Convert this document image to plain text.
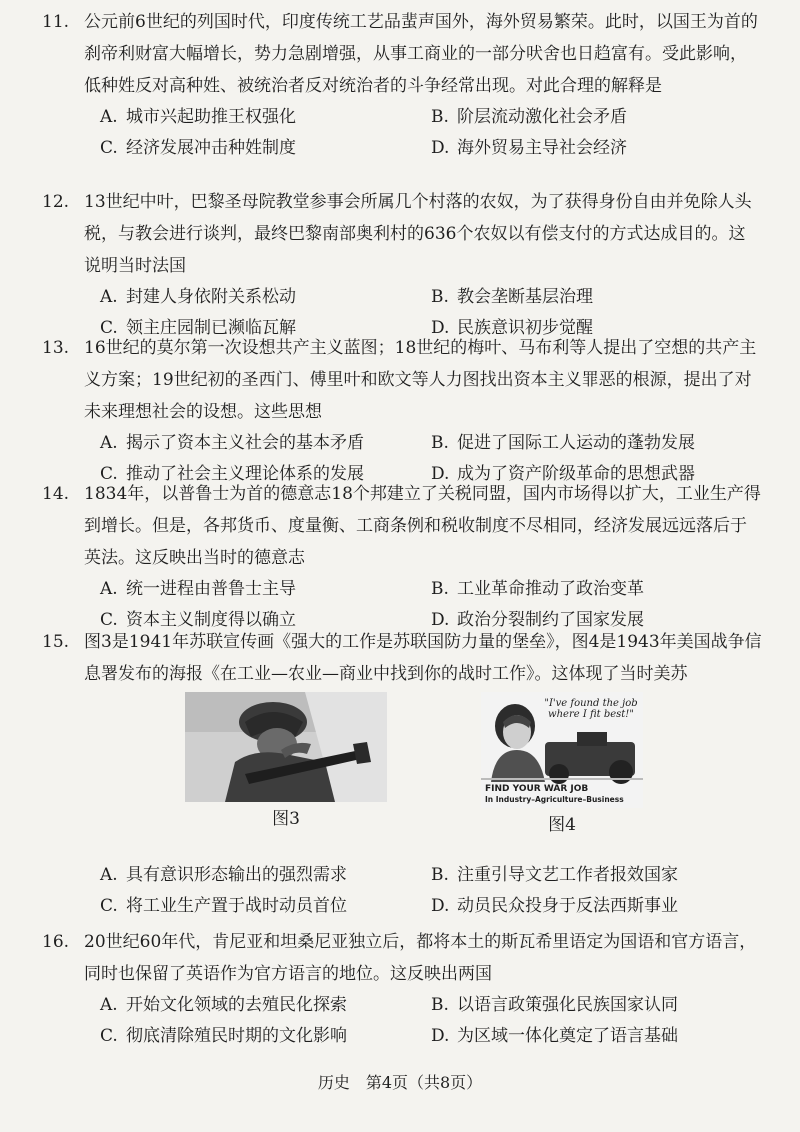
11. 公元前6世纪的列国时代，印度传统工艺品蜚声国外，海外贸易繁荣。此时，以国王为首的刹帝利财富大幅增长，势力急剧增强，从事工商业的一部分吠舍也日趋富有。受此影响，低种姓反对高种姓、被统治者反对统治者的斗争经常出现。对此合理的解释是
A. 城市兴起助推王权强化	B. 阶层流动激化社会矛盾
C. 经济发展冲击种姓制度	D. 海外贸易主导社会经济
12. 13世纪中叶，巴黎圣母院教堂参事会所属几个村落的农奴，为了获得身份自由并免除人头税，与教会进行谈判，最终巴黎南部奥利村的636个农奴以有偿支付的方式达成目的。这说明当时法国
A. 封建人身依附关系松动	B. 教会垄断基层治理
C. 领主庄园制已濒临瓦解	D. 民族意识初步觉醒
13. 16世纪的莫尔第一次设想共产主义蓝图；18世纪的梅叶、马布利等人提出了空想的共产主义方案；19世纪初的圣西门、傅里叶和欧文等人力图找出资本主义罪恶的根源，提出了对未来理想社会的设想。这些思想
A. 揭示了资本主义社会的基本矛盾	B. 促进了国际工人运动的蓬勃发展
C. 推动了社会主义理论体系的发展	D. 成为了资产阶级革命的思想武器
14. 1834年，以普鲁士为首的德意志18个邦建立了关税同盟，国内市场得以扩大，工业生产得到增长。但是，各邦货币、度量衡、工商条例和税收制度不尽相同，经济发展远远落后于英法。这反映出当时的德意志
A. 统一进程由普鲁士主导	B. 工业革命推动了政治变革
C. 资本主义制度得以确立	D. 政治分裂制约了国家发展
15. 图3是1941年苏联宣传画《强大的工作是苏联国防力量的堡垒》，图4是1943年美国战争信息署发布的海报《在工业—农业—商业中找到你的战时工作》。这体现了当时美苏
图3
"I've found the job where I fit best!"
FIND YOUR WAR JOB
In Industry–Agriculture–Business
图4
A. 具有意识形态输出的强烈需求	B. 注重引导文艺工作者报效国家
C. 将工业生产置于战时动员首位	D. 动员民众投身于反法西斯事业
16. 20世纪60年代，肯尼亚和坦桑尼亚独立后，都将本土的斯瓦希里语定为国语和官方语言，同时也保留了英语作为官方语言的地位。这反映出两国
A. 开始文化领域的去殖民化探索	B. 以语言政策强化民族国家认同
C. 彻底清除殖民时期的文化影响	D. 为区域一体化奠定了语言基础
历史　第4页（共8页）
